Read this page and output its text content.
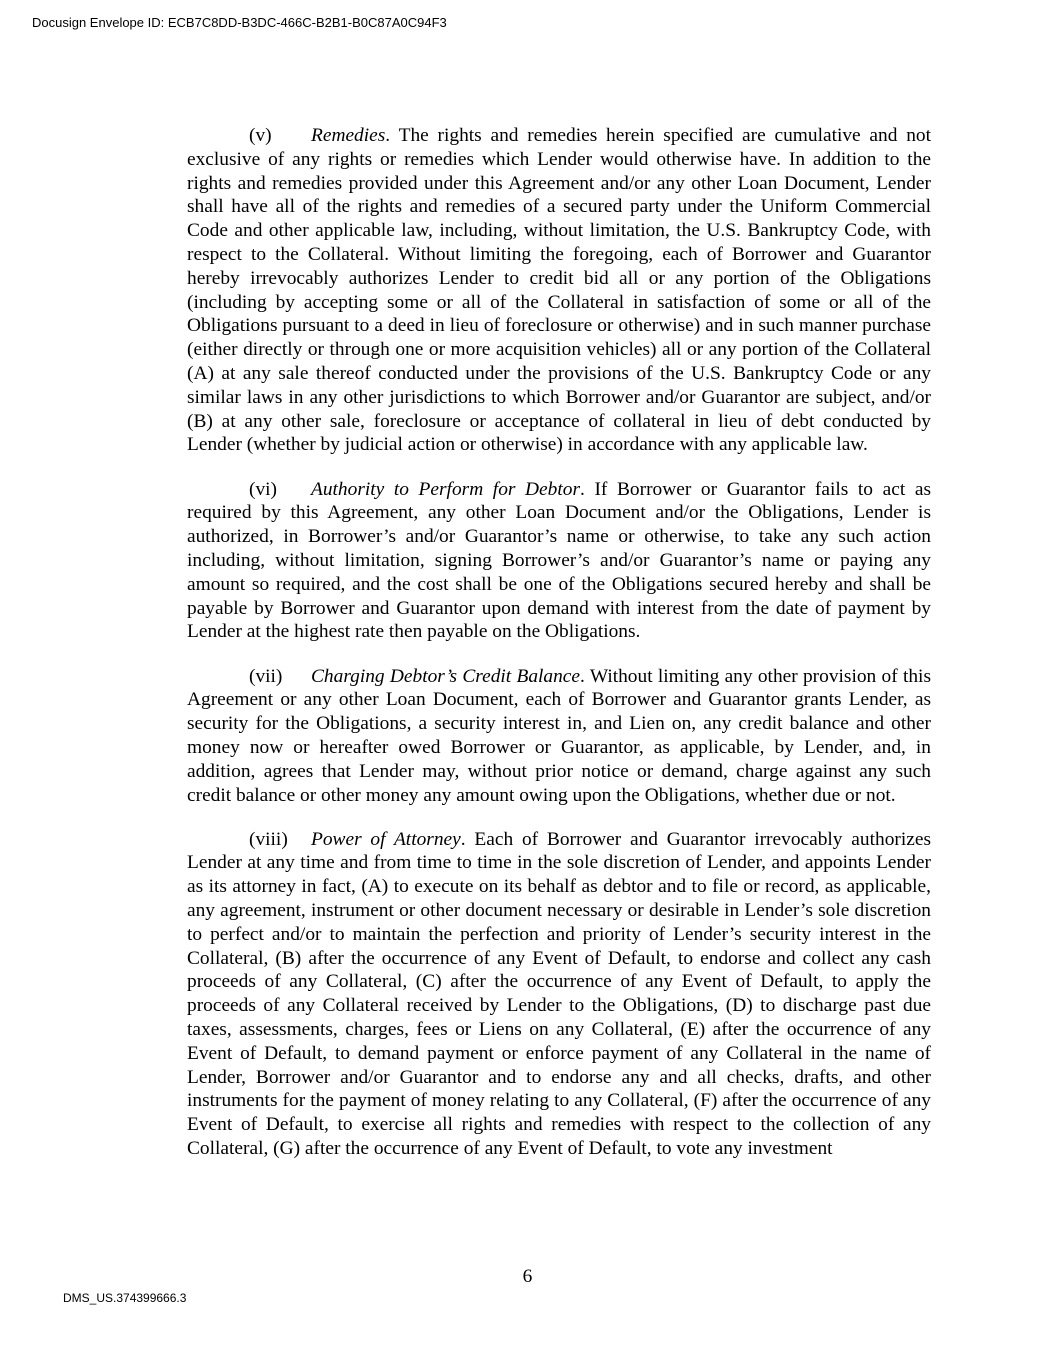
Docusign Envelope ID: ECB7C8DD-B3DC-466C-B2B1-B0C87A0C94F3

(v) Remedies. The rights and remedies herein specified are cumulative and not exclusive of any rights or remedies which Lender would otherwise have. In addition to the rights and remedies provided under this Agreement and/or any other Loan Document, Lender shall have all of the rights and remedies of a secured party under the Uniform Commercial Code and other applicable law, including, without limitation, the U.S. Bankruptcy Code, with respect to the Collateral. Without limiting the foregoing, each of Borrower and Guarantor hereby irrevocably authorizes Lender to credit bid all or any portion of the Obligations (including by accepting some or all of the Collateral in satisfaction of some or all of the Obligations pursuant to a deed in lieu of foreclosure or otherwise) and in such manner purchase (either directly or through one or more acquisition vehicles) all or any portion of the Collateral (A) at any sale thereof conducted under the provisions of the U.S. Bankruptcy Code or any similar laws in any other jurisdictions to which Borrower and/or Guarantor are subject, and/or (B) at any other sale, foreclosure or acceptance of collateral in lieu of debt conducted by Lender (whether by judicial action or otherwise) in accordance with any applicable law.

(vi) Authority to Perform for Debtor. If Borrower or Guarantor fails to act as required by this Agreement, any other Loan Document and/or the Obligations, Lender is authorized, in Borrower’s and/or Guarantor’s name or otherwise, to take any such action including, without limitation, signing Borrower’s and/or Guarantor’s name or paying any amount so required, and the cost shall be one of the Obligations secured hereby and shall be payable by Borrower and Guarantor upon demand with interest from the date of payment by Lender at the highest rate then payable on the Obligations.

(vii) Charging Debtor’s Credit Balance. Without limiting any other provision of this Agreement or any other Loan Document, each of Borrower and Guarantor grants Lender, as security for the Obligations, a security interest in, and Lien on, any credit balance and other money now or hereafter owed Borrower or Guarantor, as applicable, by Lender, and, in addition, agrees that Lender may, without prior notice or demand, charge against any such credit balance or other money any amount owing upon the Obligations, whether due or not.

(viii) Power of Attorney. Each of Borrower and Guarantor irrevocably authorizes Lender at any time and from time to time in the sole discretion of Lender, and appoints Lender as its attorney in fact, (A) to execute on its behalf as debtor and to file or record, as applicable, any agreement, instrument or other document necessary or desirable in Lender’s sole discretion to perfect and/or to maintain the perfection and priority of Lender’s security interest in the Collateral, (B) after the occurrence of any Event of Default, to endorse and collect any cash proceeds of any Collateral, (C) after the occurrence of any Event of Default, to apply the proceeds of any Collateral received by Lender to the Obligations, (D) to discharge past due taxes, assessments, charges, fees or Liens on any Collateral, (E) after the occurrence of any Event of Default, to demand payment or enforce payment of any Collateral in the name of Lender, Borrower and/or Guarantor and to endorse any and all checks, drafts, and other instruments for the payment of money relating to any Collateral, (F) after the occurrence of any Event of Default, to exercise all rights and remedies with respect to the collection of any Collateral, (G) after the occurrence of any Event of Default, to vote any investment

6
DMS_US.374399666.3
